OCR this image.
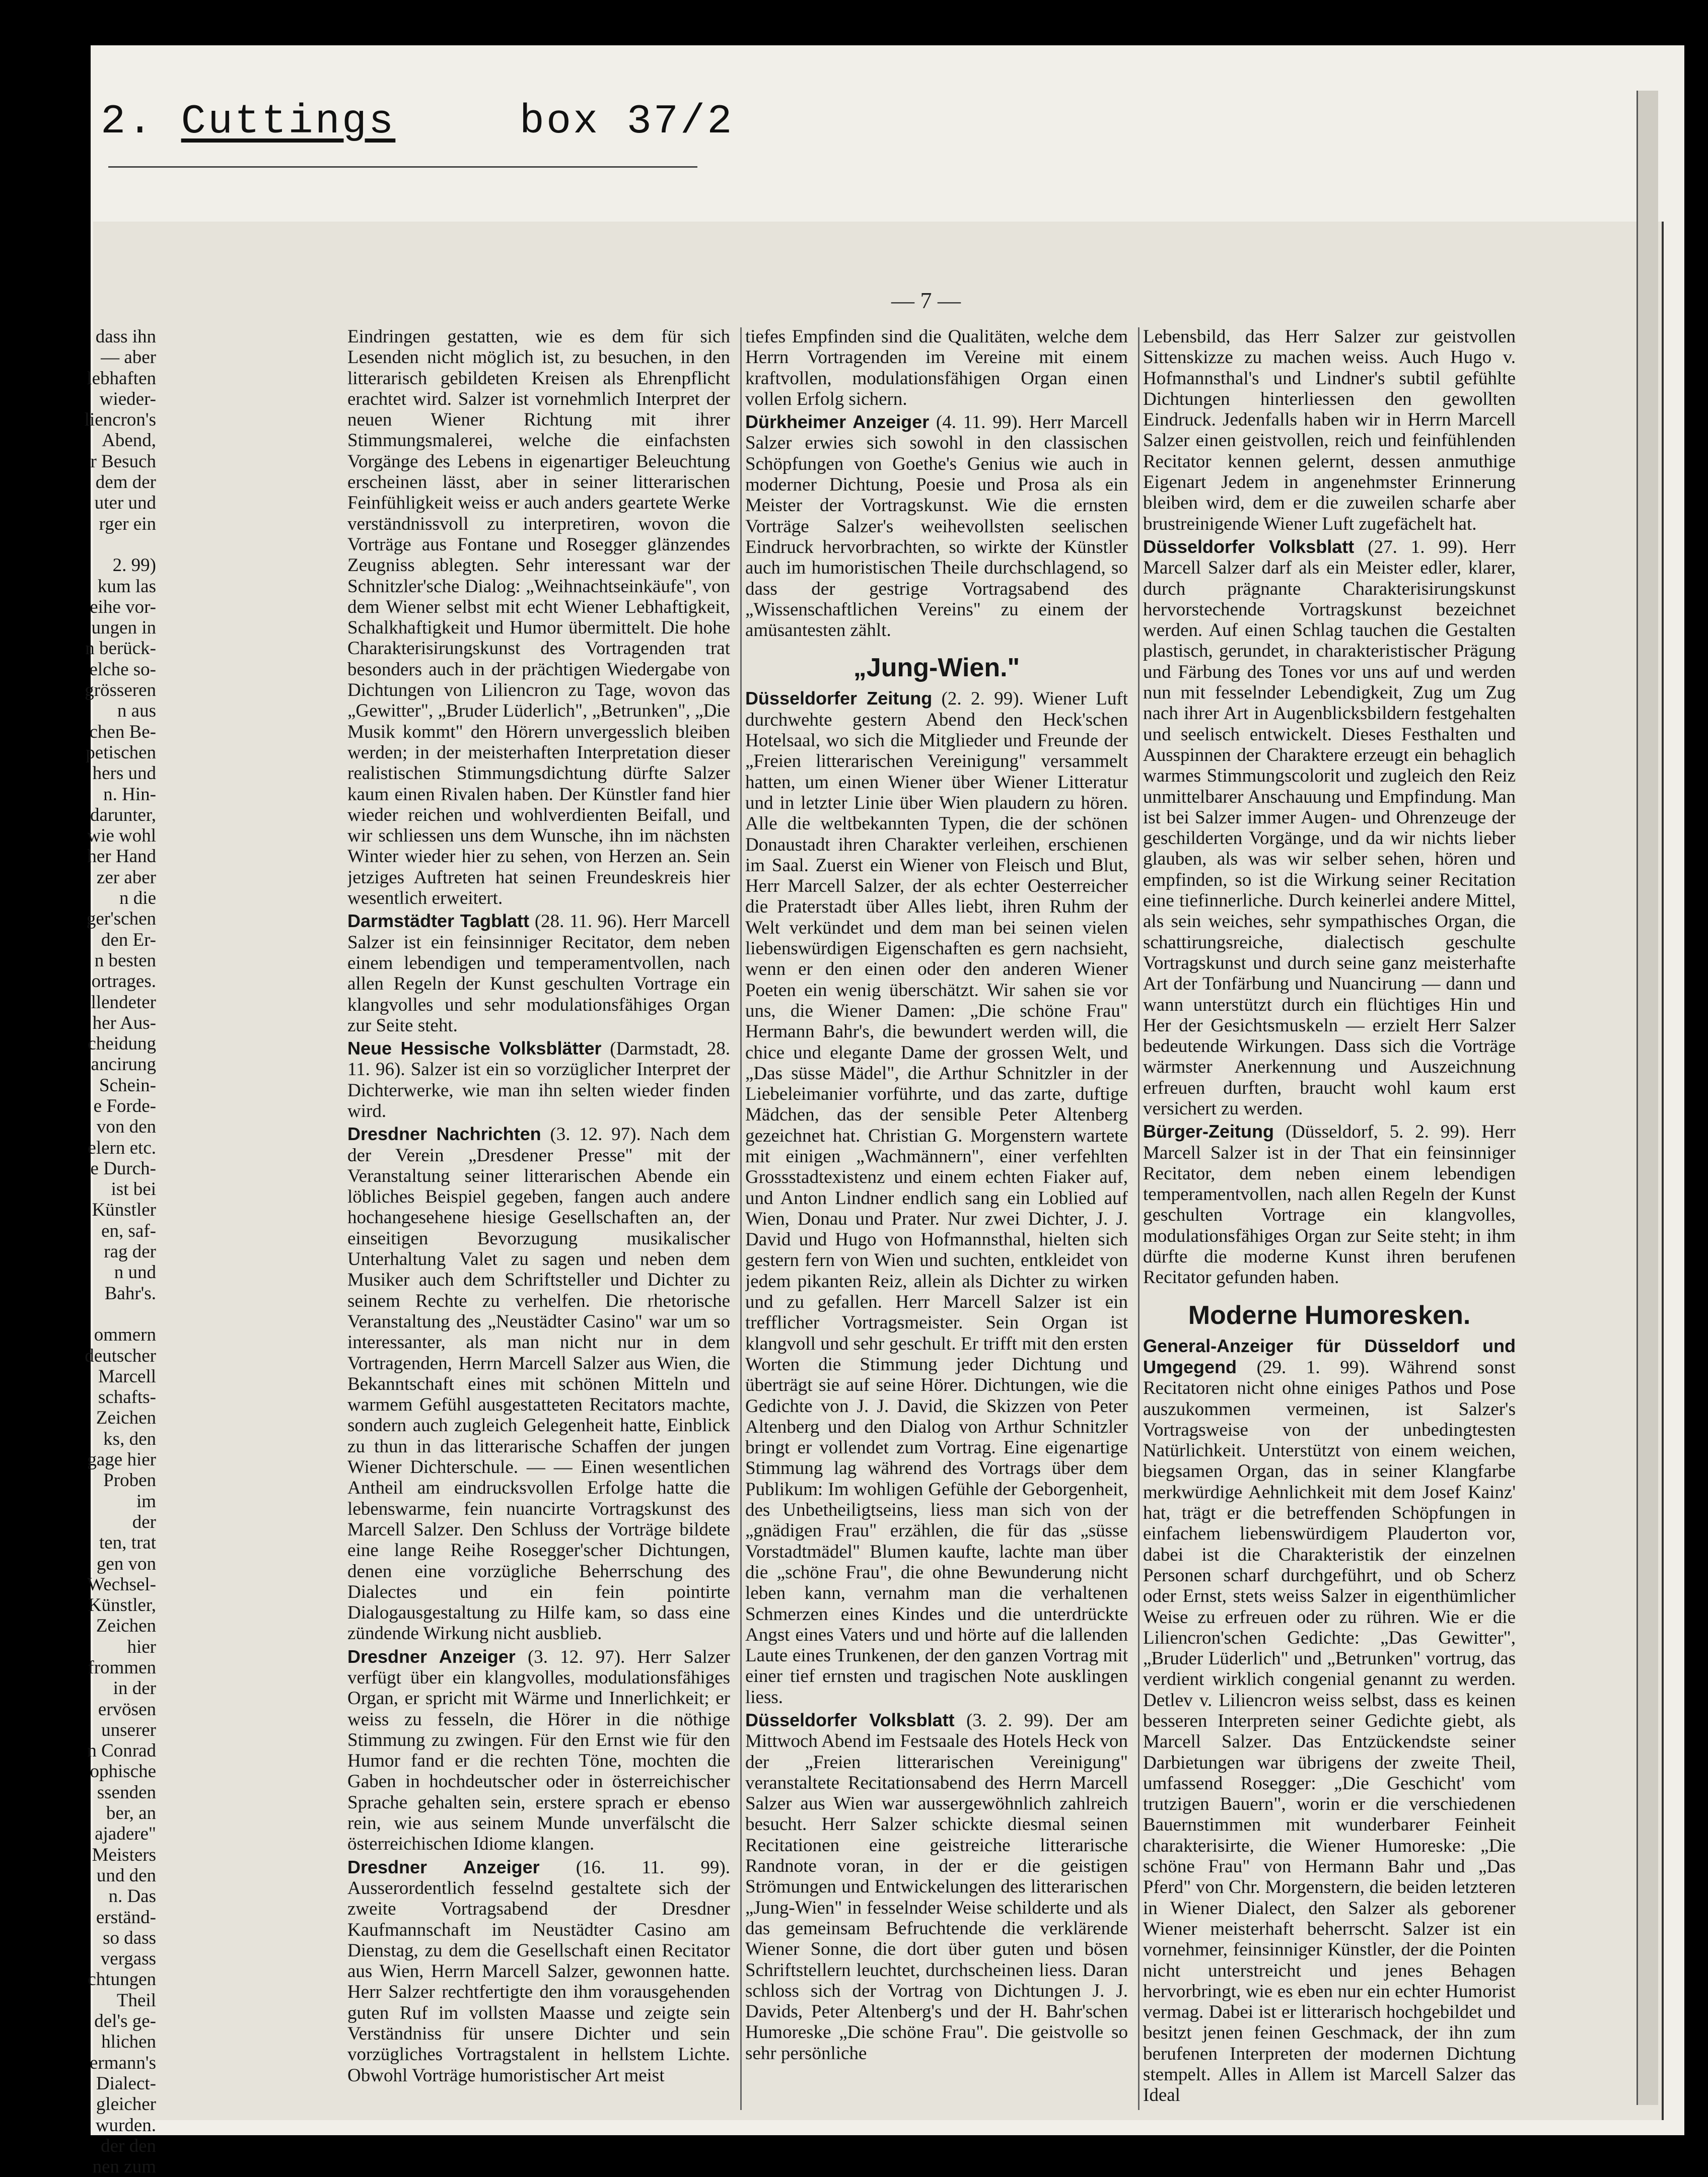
2. Cuttings	box 37/2
— 7 —
dass ihn
— aber
lebhaften
wieder-
liencron's
Abend,
r Besuch
dem der
uter und
rger ein
2. 99)
kum las
eihe vor-
ungen in
n berück-
elche so-
grösseren
n aus
chen Be-
petischen
hers und
n. Hin-
darunter,
wie wohl
her Hand
zer aber
n die
ger'schen
den Er-
n besten
ortrages.
llendeter
her Aus-
cheidung
ancirung
Schein-
e Forde-
von den
elern etc.
e Durch-
ist bei
Künstler
en, saf-
rag der
n und
Bahr's.
ommern
deutscher
Marcell
schafts-
Zeichen
ks, den
gage hier
Proben
im
der
ten, trat
gen von
Wechsel-
Künstler,
Zeichen
hier
frommen
in der
ervösen
unserer
n Conrad
ophische
ssenden
ber, an
ajadere"
Meisters
und den
n. Das
erständ-
so dass
vergass
chtungen
Theil
del's ge-
hlichen
ermann's
Dialect-
gleicher
wurden.
der den
nen zum

Eindringen gestatten, wie es dem für sich Lesenden nicht möglich ist, zu besuchen, in den litterarisch gebildeten Kreisen als Ehrenpflicht erachtet wird. Salzer ist vornehmlich Interpret der neuen Wiener Richtung mit ihrer Stimmungsmalerei, welche die einfachsten Vorgänge des Lebens in eigenartiger Beleuchtung erscheinen lässt, aber in seiner litterarischen Feinfühligkeit weiss er auch anders geartete Werke verständnissvoll zu interpretiren, wovon die Vorträge aus Fontane und Rosegger glänzendes Zeugniss ablegten. Sehr interessant war der Schnitzler'sche Dialog: „Weihnachtseinkäufe", von dem Wiener selbst mit echt Wiener Lebhaftigkeit, Schalkhaftigkeit und Humor übermittelt. Die hohe Charakterisirungskunst des Vortragenden trat besonders auch in der prächtigen Wiedergabe von Dichtungen von Liliencron zu Tage, wovon das „Gewitter", „Bruder Lüderlich", „Betrunken", „Die Musik kommt" den Hörern unvergesslich bleiben werden; in der meisterhaften Interpretation dieser realistischen Stimmungsdichtung dürfte Salzer kaum einen Rivalen haben. Der Künstler fand hier wieder reichen und wohlverdienten Beifall, und wir schliessen uns dem Wunsche, ihn im nächsten Winter wieder hier zu sehen, von Herzen an. Sein jetziges Auftreten hat seinen Freundeskreis hier wesentlich erweitert.

Darmstädter Tagblatt (28. 11. 96). Herr Marcell Salzer ist ein feinsinniger Recitator, dem neben einem lebendigen und temperamentvollen, nach allen Regeln der Kunst geschulten Vortrage ein klangvolles und sehr modulationsfähiges Organ zur Seite steht.

Neue Hessische Volksblätter (Darmstadt, 28. 11. 96). Salzer ist ein so vorzüglicher Interpret der Dichterwerke, wie man ihn selten wieder finden wird.

Dresdner Nachrichten (3. 12. 97). Nach dem der Verein „Dresdener Presse" mit der Veranstaltung seiner litterarischen Abende ein löbliches Beispiel gegeben, fangen auch andere hochangesehene hiesige Gesellschaften an, der einseitigen Bevorzugung musikalischer Unterhaltung Valet zu sagen und neben dem Musiker auch dem Schriftsteller und Dichter zu seinem Rechte zu verhelfen. Die rhetorische Veranstaltung des „Neustädter Casino" war um so interessanter, als man nicht nur in dem Vortragenden, Herrn Marcell Salzer aus Wien, die Bekanntschaft eines mit schönen Mitteln und warmem Gefühl ausgestatteten Recitators machte, sondern auch zugleich Gelegenheit hatte, Einblick zu thun in das litterarische Schaffen der jungen Wiener Dichterschule. — — Einen wesentlichen Antheil am eindrucksvollen Erfolge hatte die lebenswarme, fein nuancirte Vortragskunst des Marcell Salzer. Den Schluss der Vorträge bildete eine lange Reihe Rosegger'scher Dichtungen, denen eine vorzügliche Beherrschung des Dialectes und ein fein pointirte Dialogausgestaltung zu Hilfe kam, so dass eine zündende Wirkung nicht ausblieb.

Dresdner Anzeiger (3. 12. 97). Herr Salzer verfügt über ein klangvolles, modulationsfähiges Organ, er spricht mit Wärme und Innerlichkeit; er weiss zu fesseln, die Hörer in die nöthige Stimmung zu zwingen. Für den Ernst wie für den Humor fand er die rechten Töne, mochten die Gaben in hochdeutscher oder in österreichischer Sprache gehalten sein, erstere sprach er ebenso rein, wie aus seinem Munde unverfälscht die österreichischen Idiome klangen.

Dresdner Anzeiger (16. 11. 99). Ausserordentlich fesselnd gestaltete sich der zweite Vortragsabend der Dresdner Kaufmannschaft im Neustädter Casino am Dienstag, zu dem die Gesellschaft einen Recitator aus Wien, Herrn Marcell Salzer, gewonnen hatte. Herr Salzer rechtfertigte den ihm vorausgehenden guten Ruf im vollsten Maasse und zeigte sein Verständniss für unsere Dichter und sein vorzügliches Vortragstalent in hellstem Lichte. Obwohl Vorträge humoristischer Art meist

tiefes Empfinden sind die Qualitäten, welche dem Herrn Vortragenden im Vereine mit einem kraftvollen, modulationsfähigen Organ einen vollen Erfolg sichern.

Dürkheimer Anzeiger (4. 11. 99). Herr Marcell Salzer erwies sich sowohl in den classischen Schöpfungen von Goethe's Genius wie auch in moderner Dichtung, Poesie und Prosa als ein Meister der Vortragskunst. Wie die ernsten Vorträge Salzer's weihevollsten seelischen Eindruck hervorbrachten, so wirkte der Künstler auch im humoristischen Theile durchschlagend, so dass der gestrige Vortragsabend des „Wissenschaftlichen Vereins" zu einem der amüsantesten zählt.

„Jung-Wien."

Düsseldorfer Zeitung (2. 2. 99). Wiener Luft durchwehte gestern Abend den Heck'schen Hotelsaal, wo sich die Mitglieder und Freunde der „Freien litterarischen Vereinigung" versammelt hatten, um einen Wiener über Wiener Litteratur und in letzter Linie über Wien plaudern zu hören. Alle die weltbekannten Typen, die der schönen Donaustadt ihren Charakter verleihen, erschienen im Saal. Zuerst ein Wiener von Fleisch und Blut, Herr Marcell Salzer, der als echter Oesterreicher die Praterstadt über Alles liebt, ihren Ruhm der Welt verkündet und dem man bei seinen vielen liebenswürdigen Eigenschaften es gern nachsieht, wenn er den einen oder den anderen Wiener Poeten ein wenig überschätzt. Wir sahen sie vor uns, die Wiener Damen: „Die schöne Frau" Hermann Bahr's, die bewundert werden will, die chice und elegante Dame der grossen Welt, und „Das süsse Mädel", die Arthur Schnitzler in der Liebeleimanier vorführte, und das zarte, duftige Mädchen, das der sensible Peter Altenberg gezeichnet hat. Christian G. Morgenstern wartete mit einigen „Wachmännern", einer verfehlten Grossstadtexistenz und einem echten Fiaker auf, und Anton Lindner endlich sang ein Loblied auf Wien, Donau und Prater. Nur zwei Dichter, J. J. David und Hugo von Hofmannsthal, hielten sich gestern fern von Wien und suchten, entkleidet von jedem pikanten Reiz, allein als Dichter zu wirken und zu gefallen. Herr Marcell Salzer ist ein trefflicher Vortragsmeister. Sein Organ ist klangvoll und sehr geschult. Er trifft mit den ersten Worten die Stimmung jeder Dichtung und überträgt sie auf seine Hörer. Dichtungen, wie die Gedichte von J. J. David, die Skizzen von Peter Altenberg und den Dialog von Arthur Schnitzler bringt er vollendet zum Vortrag. Eine eigenartige Stimmung lag während des Vortrags über dem Publikum: Im wohligen Gefühle der Geborgenheit, des Unbetheiligtseins, liess man sich von der „gnädigen Frau" erzählen, die für das „süsse Vorstadtmädel" Blumen kaufte, lachte man über die „schöne Frau", die ohne Bewunderung nicht leben kann, vernahm man die verhaltenen Schmerzen eines Kindes und die unterdrückte Angst eines Vaters und und hörte auf die lallenden Laute eines Trunkenen, der den ganzen Vortrag mit einer tief ernsten und tragischen Note ausklingen liess.

Düsseldorfer Volksblatt (3. 2. 99). Der am Mittwoch Abend im Festsaale des Hotels Heck von der „Freien litterarischen Vereinigung" veranstaltete Recitationsabend des Herrn Marcell Salzer aus Wien war aussergewöhnlich zahlreich besucht. Herr Salzer schickte diesmal seinen Recitationen eine geistreiche litterarische Randnote voran, in der er die geistigen Strömungen und Entwickelungen des litterarischen „Jung-Wien" in fesselnder Weise schilderte und als das gemeinsam Befruchtende die verklärende Wiener Sonne, die dort über guten und bösen Schriftstellern leuchtet, durchscheinen liess. Daran schloss sich der Vortrag von Dichtungen J. J. Davids, Peter Altenberg's und der H. Bahr'schen Humoreske „Die schöne Frau". Die geistvolle so sehr persönliche

Lebensbild, das Herr Salzer zur geistvollen Sittenskizze zu machen weiss. Auch Hugo v. Hofmannsthal's und Lindner's subtil gefühlte Dichtungen hinterliessen den gewollten Eindruck. Jedenfalls haben wir in Herrn Marcell Salzer einen geistvollen, reich und feinfühlenden Recitator kennen gelernt, dessen anmuthige Eigenart Jedem in angenehmster Erinnerung bleiben wird, dem er die zuweilen scharfe aber brustreinigende Wiener Luft zugefächelt hat.

Düsseldorfer Volksblatt (27. 1. 99). Herr Marcell Salzer darf als ein Meister edler, klarer, durch prägnante Charakterisirungskunst hervorstechende Vortragskunst bezeichnet werden. Auf einen Schlag tauchen die Gestalten plastisch, gerundet, in charakteristischer Prägung und Färbung des Tones vor uns auf und werden nun mit fesselnder Lebendigkeit, Zug um Zug nach ihrer Art in Augenblicksbildern festgehalten und seelisch entwickelt. Dieses Festhalten und Ausspinnen der Charaktere erzeugt ein behaglich warmes Stimmungscolorit und zugleich den Reiz unmittelbarer Anschauung und Empfindung. Man ist bei Salzer immer Augen- und Ohrenzeuge der geschilderten Vorgänge, und da wir nichts lieber glauben, als was wir selber sehen, hören und empfinden, so ist die Wirkung seiner Recitation eine tiefinnerliche. Durch keinerlei andere Mittel, als sein weiches, sehr sympathisches Organ, die schattirungsreiche, dialectisch geschulte Vortragskunst und durch seine ganz meisterhafte Art der Tonfärbung und Nuancirung — dann und wann unterstützt durch ein flüchtiges Hin und Her der Gesichtsmuskeln — erzielt Herr Salzer bedeutende Wirkungen. Dass sich die Vorträge wärmster Anerkennung und Auszeichnung erfreuen durften, braucht wohl kaum erst versichert zu werden.

Bürger-Zeitung (Düsseldorf, 5. 2. 99). Herr Marcell Salzer ist in der That ein feinsinniger Recitator, dem neben einem lebendigen temperamentvollen, nach allen Regeln der Kunst geschulten Vortrage ein klangvolles, modulationsfähiges Organ zur Seite steht; in ihm dürfte die moderne Kunst ihren berufenen Recitator gefunden haben.

Moderne Humoresken.

General-Anzeiger für Düsseldorf und Umgegend (29. 1. 99). Während sonst Recitatoren nicht ohne einiges Pathos und Pose auszukommen vermeinen, ist Salzer's Vortragsweise von der unbedingtesten Natürlichkeit. Unterstützt von einem weichen, biegsamen Organ, das in seiner Klangfarbe merkwürdige Aehnlichkeit mit dem Josef Kainz' hat, trägt er die betreffenden Schöpfungen in einfachem liebenswürdigem Plauderton vor, dabei ist die Charakteristik der einzelnen Personen scharf durchgeführt, und ob Scherz oder Ernst, stets weiss Salzer in eigenthümlicher Weise zu erfreuen oder zu rühren. Wie er die Liliencron'schen Gedichte: „Das Gewitter", „Bruder Lüderlich" und „Betrunken" vortrug, das verdient wirklich congenial genannt zu werden. Detlev v. Liliencron weiss selbst, dass es keinen besseren Interpreten seiner Gedichte giebt, als Marcell Salzer. Das Entzückendste seiner Darbietungen war übrigens der zweite Theil, umfassend Rosegger: „Die Geschicht' vom trutzigen Bauern", worin er die verschiedenen Bauernstimmen mit wunderbarer Feinheit charakterisirte, die Wiener Humoreske: „Die schöne Frau" von Hermann Bahr und „Das Pferd" von Chr. Morgenstern, die beiden letzteren in Wiener Dialect, den Salzer als geborener Wiener meisterhaft beherrscht. Salzer ist ein vornehmer, feinsinniger Künstler, der die Pointen nicht unterstreicht und jenes Behagen hervorbringt, wie es eben nur ein echter Humorist vermag. Dabei ist er litterarisch hochgebildet und besitzt jenen feinen Geschmack, der ihn zum berufenen Interpreten der modernen Dichtung stempelt. Alles in Allem ist Marcell Salzer das Ideal
